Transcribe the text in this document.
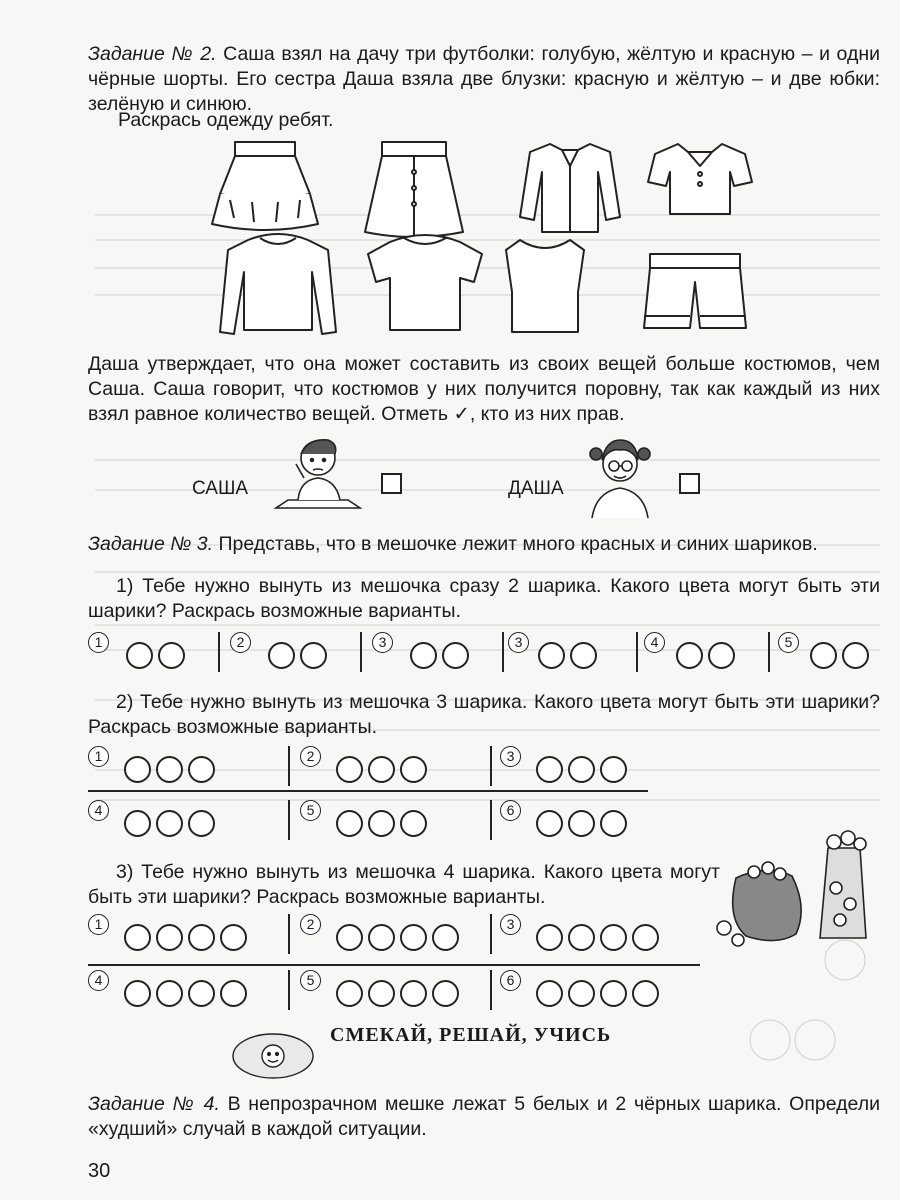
Задание № 2. Саша взял на дачу три футболки: голубую, жёлтую и красную – и одни чёрные шорты. Его сестра Даша взяла две блузки: красную и жёлтую – и две юбки: зелёную и синюю.
Раскрась одежду ребят.
Даша утверждает, что она может составить из своих вещей больше костюмов, чем Саша. Саша говорит, что костюмов у них получится поровну, так как каждый из них взял равное количество вещей. Отметь ✓, кто из них прав.
САША	ДАША
Задание № 3. Представь, что в мешочке лежит много красных и синих шариков.
1) Тебе нужно вынуть из мешочка сразу 2 шарика. Какого цвета могут быть эти шарики? Раскрась возможные варианты.
1	2	3	3	4	5
2) Тебе нужно вынуть из мешочка 3 шарика. Какого цвета могут быть эти шарики? Раскрась возможные варианты.
1	2	3
4	5	6
3) Тебе нужно вынуть из мешочка 4 шарика. Какого цвета могут быть эти шарики? Раскрась возможные варианты.
1	2	3
4	5	6
СМЕКАЙ, РЕШАЙ, УЧИСЬ
Задание № 4. В непрозрачном мешке лежат 5 белых и 2 чёрных шарика. Определи «худший» случай в каждой ситуации.
30
